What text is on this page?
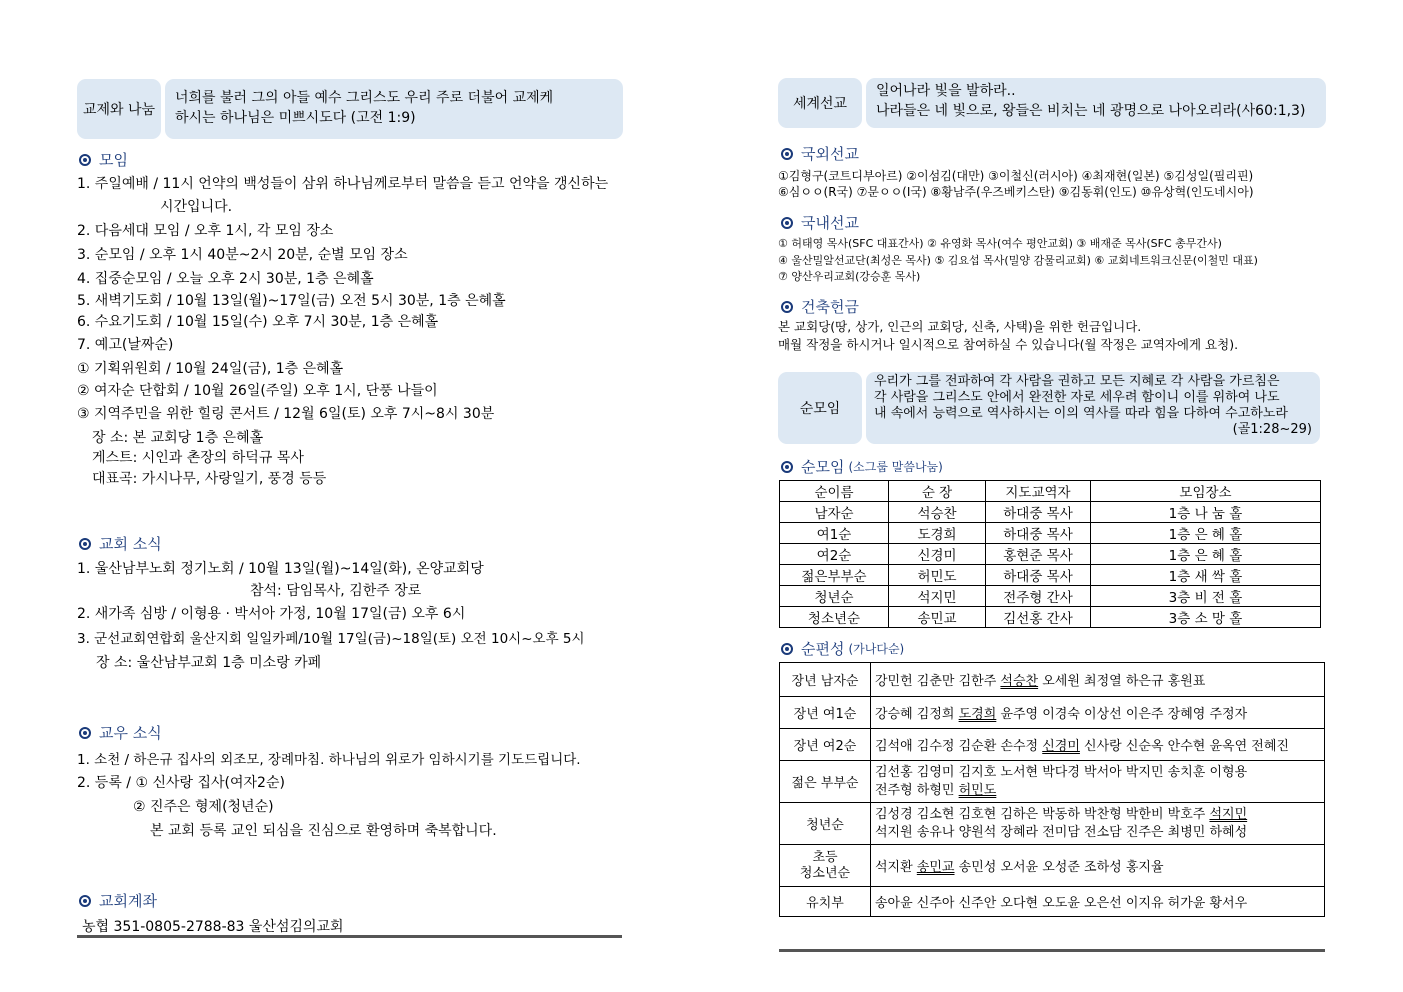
교제와 나눔
너희를 불러 그의 아들 예수 그리스도 우리 주로 더불어 교제케
하시는 하나님은 미쁘시도다 (고전 1:9)
모임
1. 주일예배 / 11시 언약의 백성들이 삼위 하나님께로부터 말씀을 듣고 언약을 갱신하는
시간입니다.
2. 다음세대 모임 / 오후 1시, 각 모임 장소
3. 순모임 / 오후 1시 40분~2시 20분, 순별 모임 장소
4. 집중순모임 / 오늘 오후 2시 30분, 1층 은혜홀
5. 새벽기도회 / 10월 13일(월)~17일(금) 오전 5시 30분, 1층 은혜홀
6. 수요기도회 / 10월 15일(수) 오후 7시 30분, 1층 은혜홀
7. 예고(날짜순)
① 기획위원회 / 10월 24일(금), 1층 은혜홀
② 여자순 단합회 / 10월 26일(주일) 오후 1시, 단풍 나들이
③ 지역주민을 위한 힐링 콘서트 / 12월 6일(토) 오후 7시~8시 30분
장 소: 본 교회당 1층 은혜홀
게스트: 시인과 촌장의 하덕규 목사
대표곡: 가시나무, 사랑일기, 풍경 등등
교회 소식
1. 울산남부노회 정기노회 / 10월 13일(월)~14일(화), 온양교회당
참석: 담임목사, 김한주 장로
2. 새가족 심방 / 이형용 · 박서아 가정, 10월 17일(금) 오후 6시
3. 군선교회연합회 울산지회 일일카페/10월 17일(금)~18일(토) 오전 10시~오후 5시
장 소: 울산남부교회 1층 미소랑 카페
교우 소식
1. 소천 / 하은규 집사의 외조모, 장례마침. 하나님의 위로가 임하시기를 기도드립니다.
2. 등록 / ① 신사랑 집사(여자2순)
② 진주은 형제(청년순)
본 교회 등록 교인 되심을 진심으로 환영하며 축복합니다.
교회계좌
농협 351-0805-2788-83 울산섬김의교회
세계선교
일어나라 빛을 발하라..
나라들은 네 빛으로, 왕들은 비치는 네 광명으로 나아오리라(사60:1,3)
국외선교
①김형구(코트디부아르) ②이섬김(대만) ③이철신(러시아) ④최재현(일본) ⑤김성일(필리핀)
⑥심ㅇㅇ(R국) ⑦문ㅇㅇ(I국) ⑧황남주(우즈베키스탄) ⑨김동휘(인도) ⑩유상혁(인도네시아)
국내선교
① 허태영 목사(SFC 대표간사) ② 유영화 목사(여수 평안교회) ③ 배재준 목사(SFC 총무간사)
④ 울산밀알선교단(최성은 목사) ⑤ 김요섭 목사(밀양 감물리교회) ⑥ 교회네트워크신문(이철민 대표)
⑦ 양산우리교회(강승훈 목사)
건축헌금
본 교회당(땅, 상가, 인근의 교회당, 신축, 사택)을 위한 헌금입니다.
매월 작정을 하시거나 일시적으로 참여하실 수 있습니다(월 작정은 교역자에게 요청).
순모임
우리가 그를 전파하여 각 사람을 권하고 모든 지혜로 각 사람을 가르침은
각 사람을 그리스도 안에서 완전한 자로 세우려 함이니 이를 위하여 나도
내 속에서 능력으로 역사하시는 이의 역사를 따라 힘을 다하여 수고하노라
(골1:28~29)
순모임 (소그룹 말씀나눔)
순이름	순 장	지도교역자	모임장소
남자순	석승찬	하대중 목사	1층 나 눔 홀
여1순	도경희	하대중 목사	1층 은 혜 홀
여2순	신경미	홍현준 목사	1층 은 혜 홀
젊은부부순	허민도	하대중 목사	1층 새 싹 홀
청년순	석지민	전주형 간사	3층 비 전 홀
청소년순	송민교	김선홍 간사	3층 소 망 홀
순편성 (가나다순)
장년 남자순	강민헌 김춘만 김한주 석승찬 오세원 최정열 하은규 홍원표
장년 여1순	강승혜 김정희 도경희 윤주영 이경숙 이상선 이은주 장혜영 주정자
장년 여2순	김석애 김수정 김순환 손수정 신경미 신사랑 신순옥 안수현 윤옥연 전혜진
젊은 부부순	김선홍 김영미 김지호 노서현 박다경 박서아 박지민 송치훈 이형용
전주형 하형민 허민도

청년순	김성경 김소현 김호현 김하은 박동하 박찬형 박한비 박호주 석지민
석지원 송유나 양원석 장혜라 전미담 전소담 진주은 최병민 하혜성

초등
청소년순	석지환 송민교 송민성 오서윤 오성준 조하성 홍지율
유치부	송아윤 신주아 신주안 오다현 오도윤 오은선 이지유 허가윤 황서우
